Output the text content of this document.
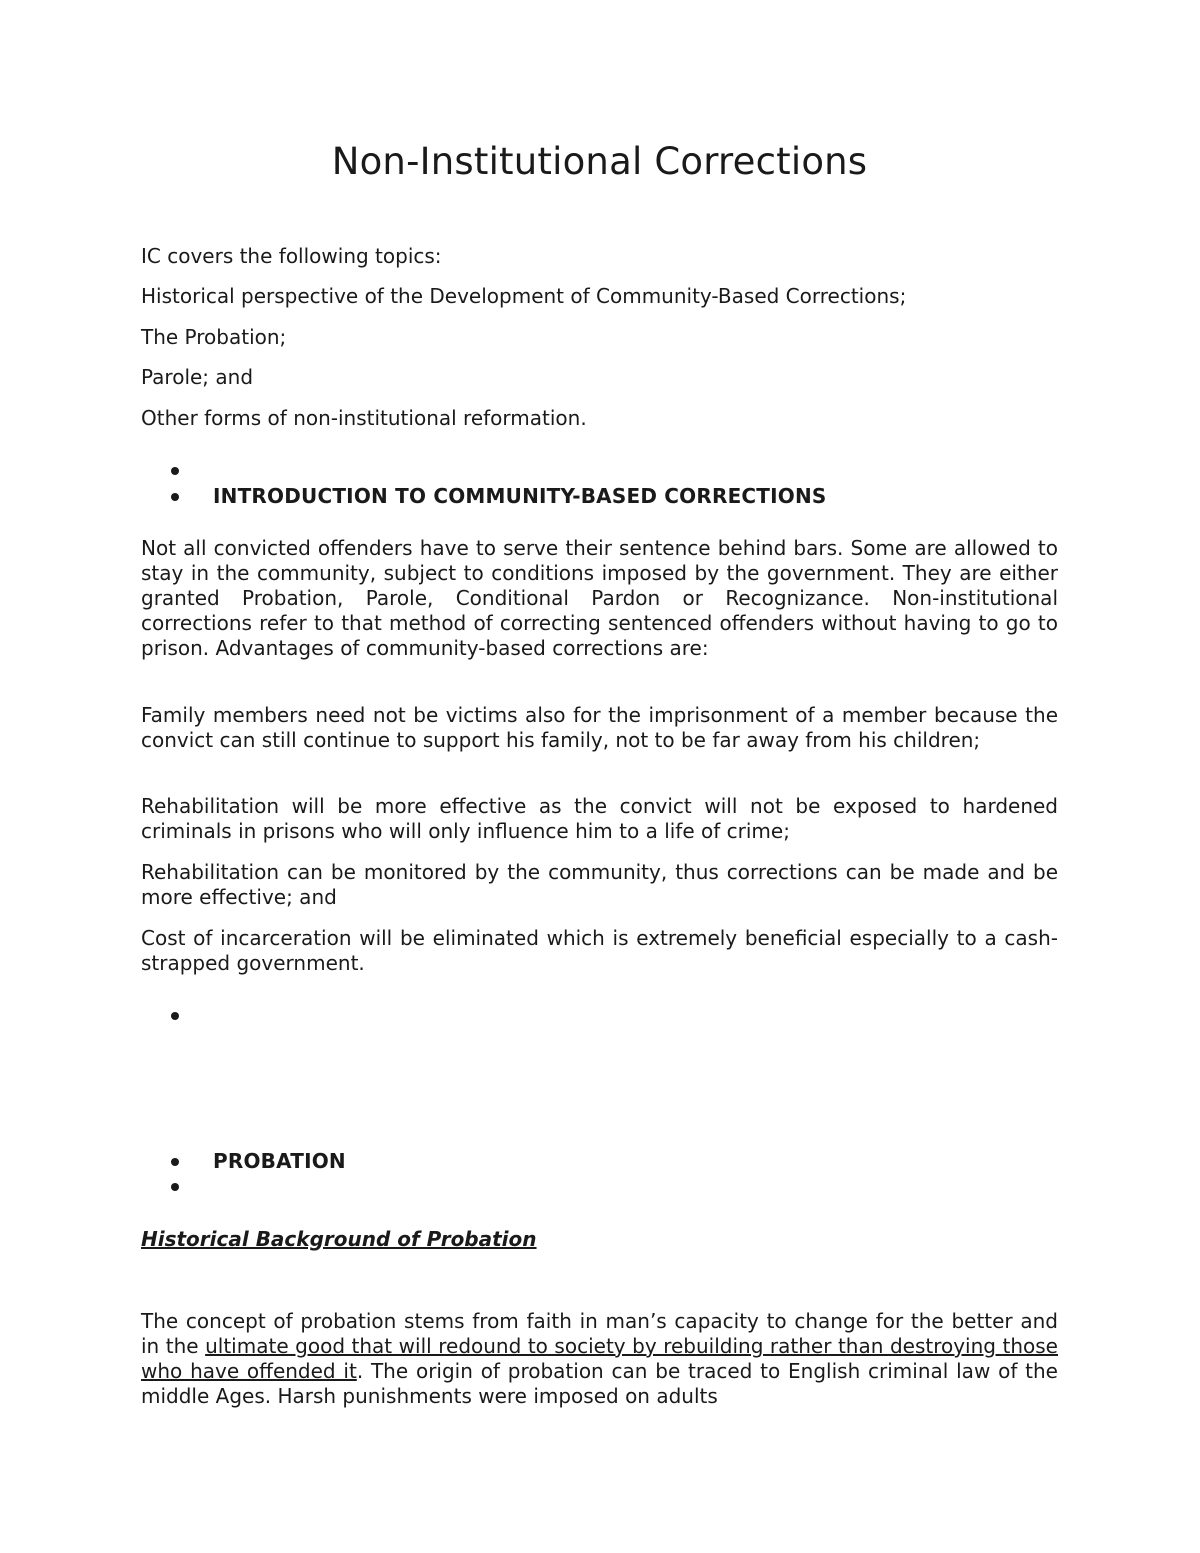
Non-Institutional Corrections

IC covers the following topics:

Historical perspective of the Development of Community-Based Corrections;

The Probation;

Parole; and

Other forms of non-institutional reformation.

INTRODUCTION TO COMMUNITY-BASED CORRECTIONS

Not all convicted offenders have to serve their sentence behind bars. Some are allowed to stay in the community, subject to conditions imposed by the government. They are either granted Probation, Parole, Conditional Pardon or Recognizance. Non-institutional corrections refer to that method of correcting sentenced offenders without having to go to prison. Advantages of community-based corrections are:

Family members need not be victims also for the imprisonment of a member because the convict can still continue to support his family, not to be far away from his children;

Rehabilitation will be more effective as the convict will not be exposed to hardened criminals in prisons who will only influence him to a life of crime;

Rehabilitation can be monitored by the community, thus corrections can be made and be more effective; and

Cost of incarceration will be eliminated which is extremely beneficial especially to a cash-strapped government.

PROBATION

Historical Background of Probation

The concept of probation stems from faith in man’s capacity to change for the better and in the ultimate good that will redound to society by rebuilding rather than destroying those who have offended it. The origin of probation can be traced to English criminal law of the middle Ages. Harsh punishments were imposed on adults
